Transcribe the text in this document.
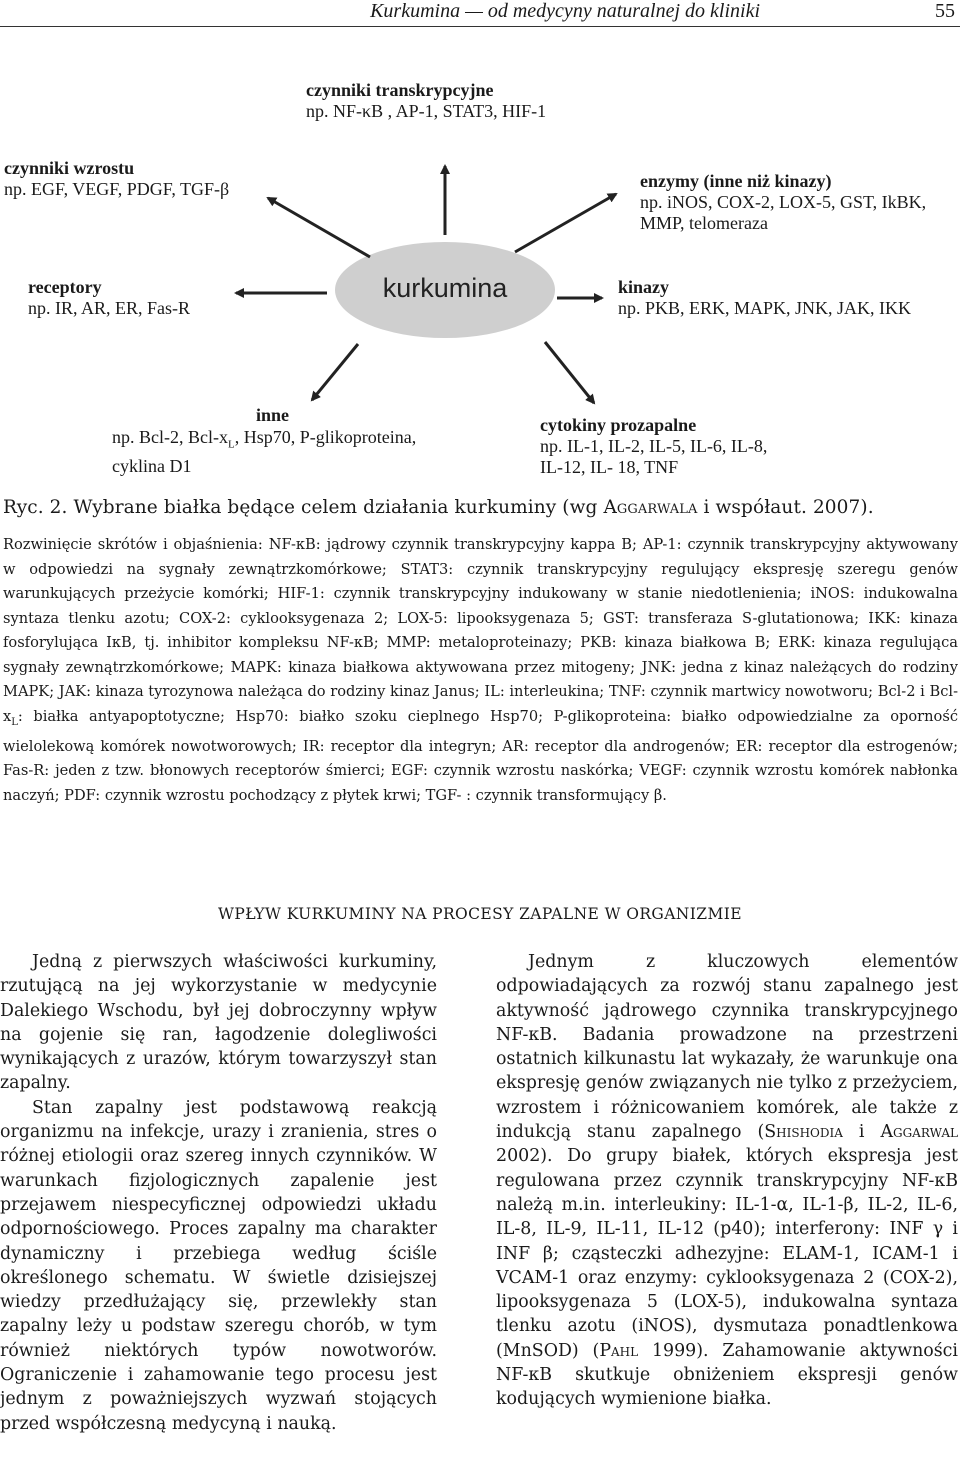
Kurkumina — od medycyny naturalnej do kliniki	55
kurkumina
czynniki transkrypcyjne
np. NF-κB , AP-1, STAT3, HIF-1
czynniki wzrostu
np. EGF, VEGF, PDGF, TGF-β	enzymy (inne niż kinazy)
np. iNOS, COX-2, LOX-5, GST, IkBK,
MMP, telomeraza
receptory
np. IR, AR, ER, Fas-R
kinazy
np. PKB, ERK, MAPK, JNK, JAK, IKK
inne
np. Bcl-2, Bcl-$x_L$, Hsp70, P-glikoproteina,
cyklina D1
cytokiny prozapalne
np. IL-1, IL-2, IL-5, IL-6, IL-8,
IL-12, IL- 18, TNF
Ryc. 2. Wybrane białka będące celem działania kurkuminy (wg Aggarwala i współaut. 2007).
Rozwinięcie skrótów i objaśnienia: NF-κB: jądrowy czynnik transkrypcyjny kappa B; AP-1: czynnik transkrypcyjny aktywowany w odpowiedzi na sygnały zewnątrzkomórkowe; STAT3: czynnik transkrypcyjny regulujący ekspresję szeregu genów warunkujących przeżycie komórki; HIF-1: czynnik transkrypcyjny indukowany w stanie niedotlenienia; iNOS: indukowalna syntaza tlenku azotu; COX-2: cyklooksygenaza 2; LOX-5: lipooksygenaza 5; GST: transferaza S-glutationowa; IKK: kinaza fosforylująca IκB, tj. inhibitor kompleksu NF-κB; MMP: metaloproteinazy; PKB: kinaza białkowa B; ERK: kinaza regulująca sygnały zewnątrzkomórkowe; MAPK: kinaza białkowa aktywowana przez mitogeny; JNK: jedna z kinaz należących do rodziny MAPK; JAK: kinaza tyrozynowa należąca do rodziny kinaz Janus; IL: interleukina; TNF: czynnik martwicy nowotworu; Bcl-2 i Bcl-$x_L$: białka antyapoptotyczne; Hsp70: białko szoku cieplnego Hsp70; P-glikoproteina: białko odpowiedzialne za oporność wielolekową komórek nowotworowych; IR: receptor dla integryn; AR: receptor dla androgenów; ER: receptor dla estrogenów; Fas-R: jeden z tzw. błonowych receptorów śmierci; EGF: czynnik wzrostu naskórka; VEGF: czynnik wzrostu komórek nabłonka naczyń; PDF: czynnik wzrostu pochodzący z płytek krwi; TGF- : czynnik transformujący β.
WPŁYW KURKUMINY NA PROCESY ZAPALNE W ORGANIZMIE

Jedną z pierwszych właściwości kurkuminy, rzutującą na jej wykorzystanie w medycynie Dalekiego Wschodu, był jej dobroczynny wpływ na gojenie się ran, łagodzenie dolegliwości wynikających z urazów, którym towarzyszył stan zapalny.

Stan zapalny jest podstawową reakcją organizmu na infekcje, urazy i zranienia, stres o różnej etiologii oraz szereg innych czynników. W warunkach fizjologicznych zapalenie jest przejawem niespecyficznej odpowiedzi układu odpornościowego. Proces zapalny ma charakter dynamiczny i przebiega według ściśle określonego schematu. W świetle dzisiejszej wiedzy przedłużający się, przewlekły stan zapalny leży u podstaw szeregu chorób, w tym również niektórych typów nowotworów. Ograniczenie i zahamowanie tego procesu jest jednym z poważniejszych wyzwań stojących przed współczesną medycyną i nauką.

Jednym z kluczowych elementów odpowiadających za rozwój stanu zapalnego jest aktywność jądrowego czynnika transkrypcyjnego NF-κB. Badania prowadzone na przestrzeni ostatnich kilkunastu lat wykazały, że warunkuje ona ekspresję genów związanych nie tylko z przeżyciem, wzrostem i różnicowaniem komórek, ale także z indukcją stanu zapalnego (Shishodia i Aggarwal 2002). Do grupy białek, których ekspresja jest regulowana przez czynnik transkrypcyjny NF-κB należą m.in. interleukiny: IL-1-α, IL-1-β, IL-2, IL-6, IL-8, IL-9, IL-11, IL-12 (p40); interferony: INF γ i INF β; cząsteczki adhezyjne: ELAM-1, ICAM-1 i VCAM-1 oraz enzymy: cyklooksygenaza 2 (COX-2), lipooksygenaza 5 (LOX-5), indukowalna syntaza tlenku azotu (iNOS), dysmutaza ponadtlenkowa (MnSOD) (Pahl 1999). Zahamowanie aktywności NF-κB skutkuje obniżeniem ekspresji genów kodujących wymienione białka.
